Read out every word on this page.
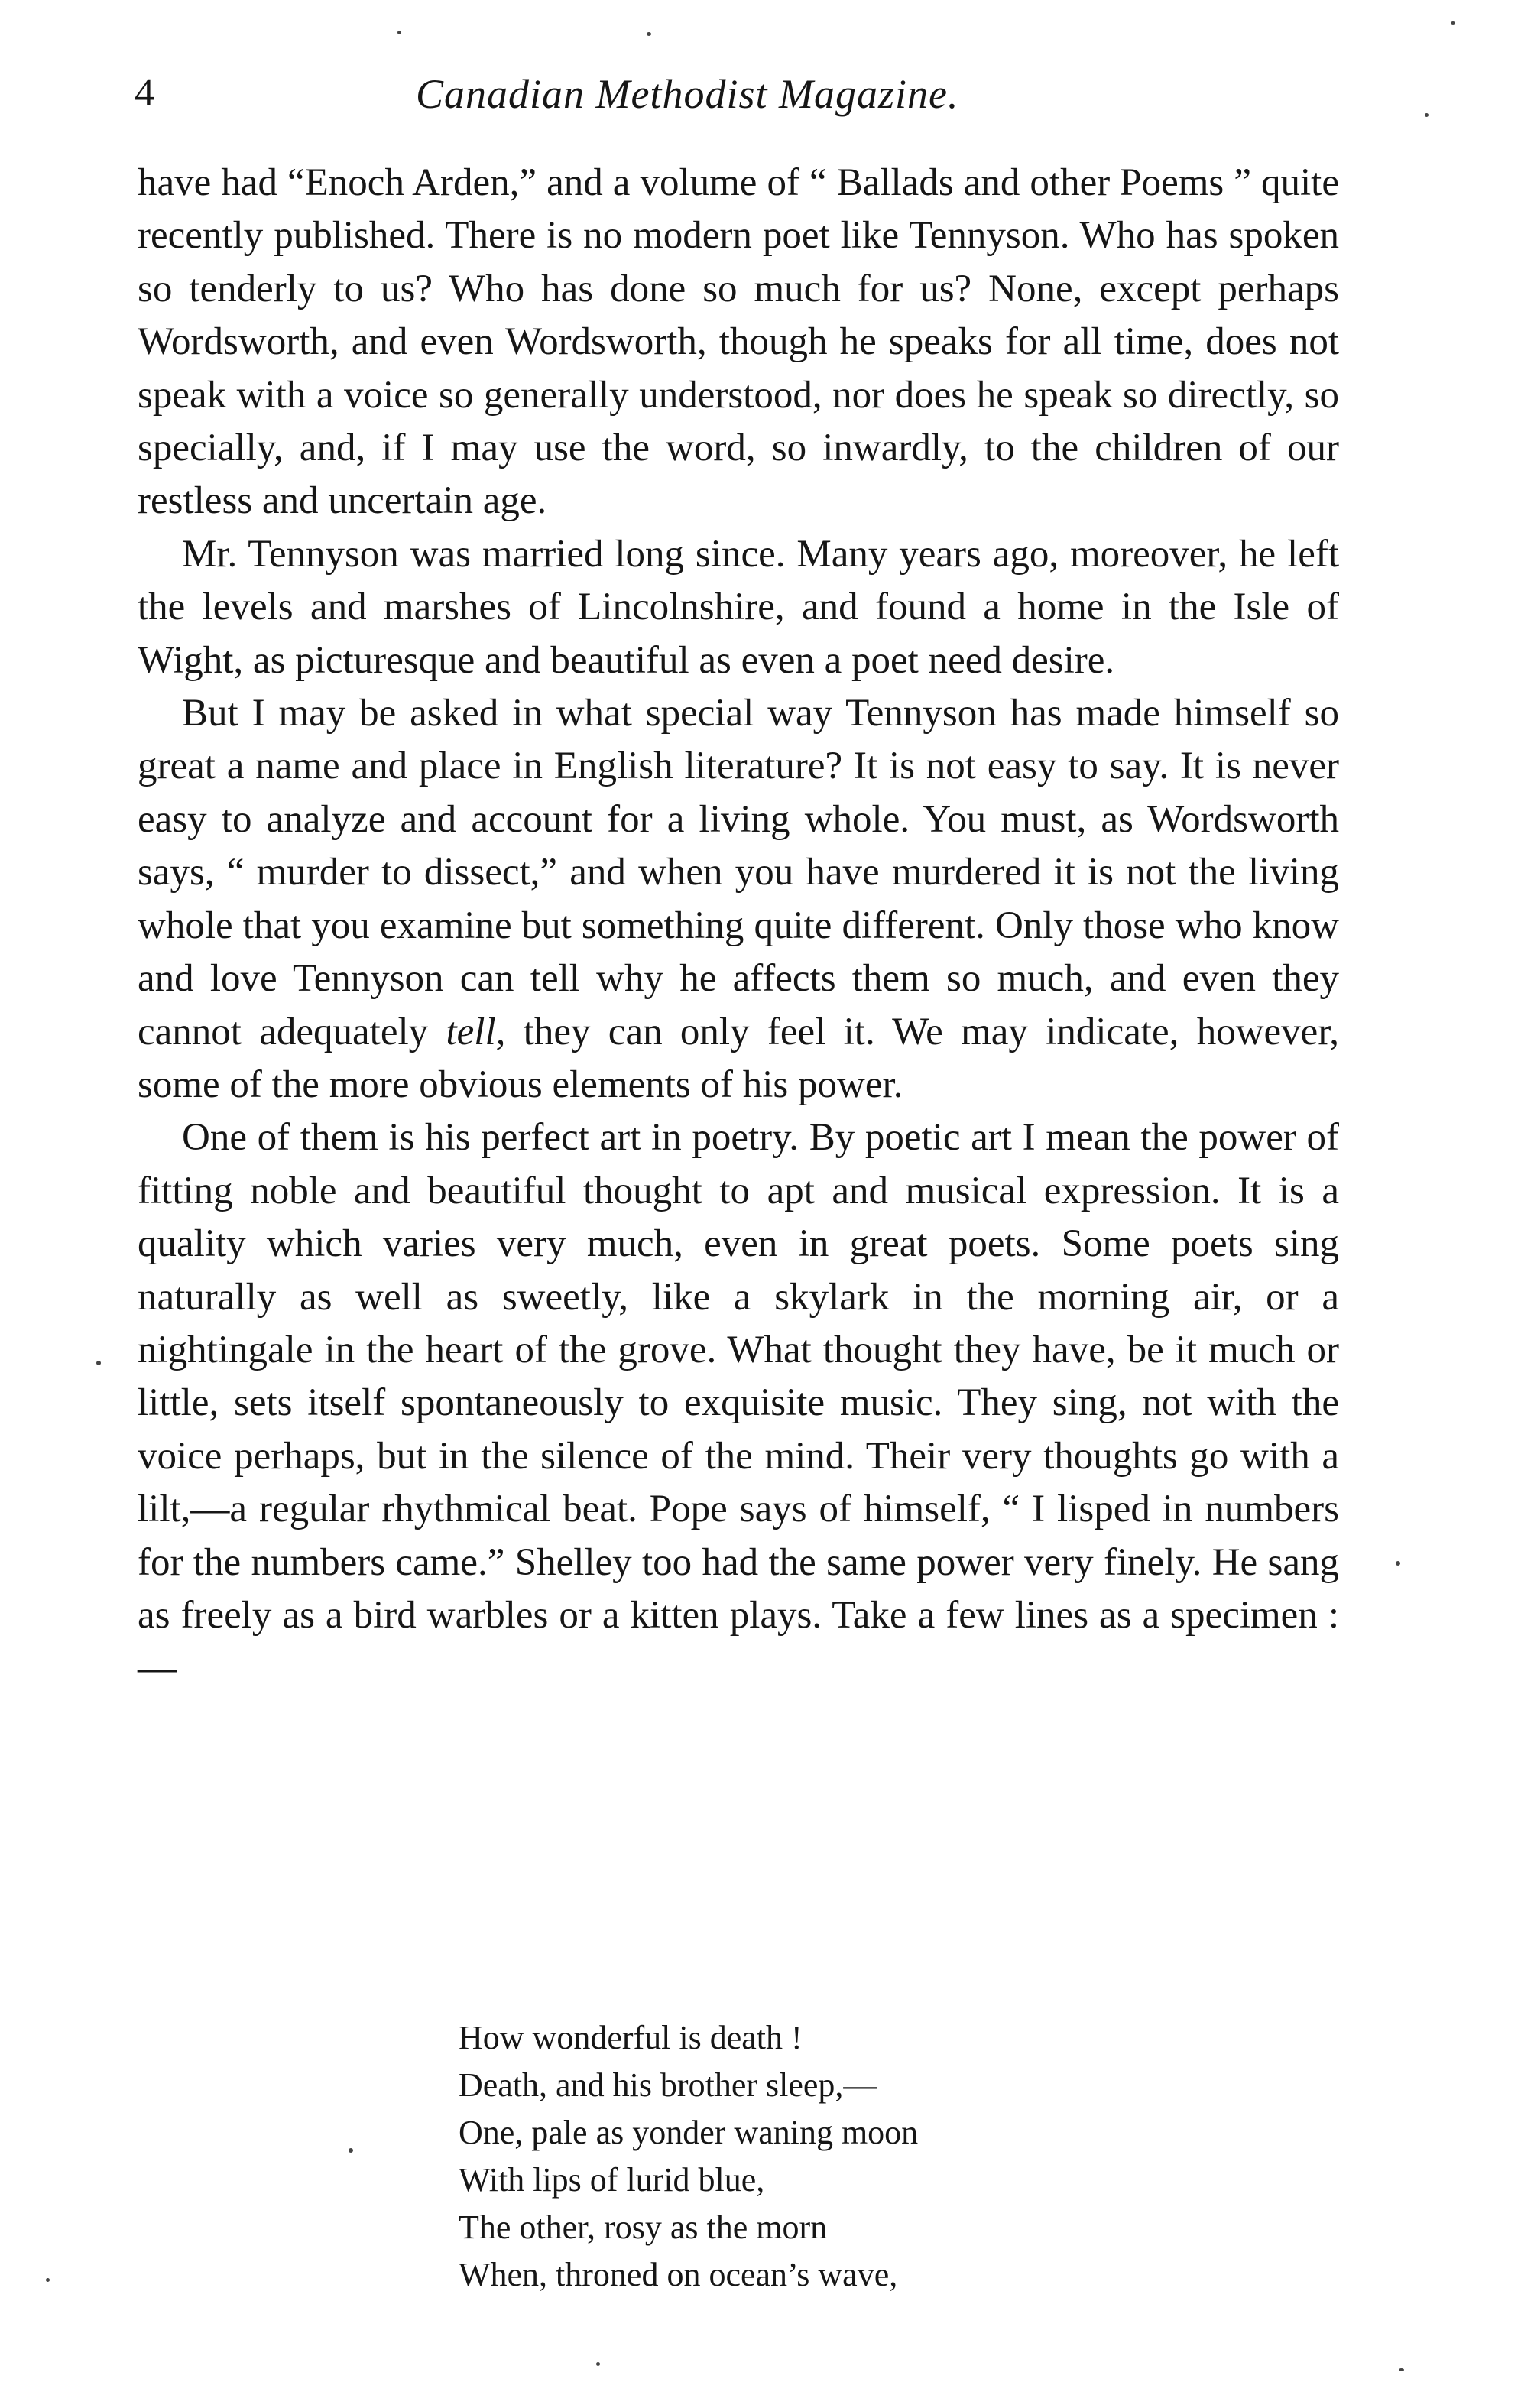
4	Canadian Methodist Magazine.

have had “Enoch Arden,” and a volume of “ Ballads and other Poems ” quite recently published. There is no modern poet like Tennyson. Who has spoken so tenderly to us? Who has done so much for us? None, except perhaps Wordsworth, and even Wordsworth, though he speaks for all time, does not speak with a voice so generally understood, nor does he speak so directly, so specially, and, if I may use the word, so inwardly, to the children of our restless and uncertain age.

Mr. Tennyson was married long since. Many years ago, moreover, he left the levels and marshes of Lincolnshire, and found a home in the Isle of Wight, as picturesque and beautiful as even a poet need desire.

But I may be asked in what special way Tennyson has made himself so great a name and place in English literature? It is not easy to say. It is never easy to analyze and account for a living whole. You must, as Wordsworth says, “ murder to dissect,” and when you have murdered it is not the living whole that you examine but something quite different. Only those who know and love Tennyson can tell why he affects them so much, and even they cannot adequately tell, they can only feel it. We may indicate, however, some of the more obvious elements of his power.

One of them is his perfect art in poetry. By poetic art I mean the power of fitting noble and beautiful thought to apt and musical expression. It is a quality which varies very much, even in great poets. Some poets sing naturally as well as sweetly, like a skylark in the morning air, or a nightingale in the heart of the grove. What thought they have, be it much or little, sets itself spontaneously to exquisite music. They sing, not with the voice perhaps, but in the silence of the mind. Their very thoughts go with a lilt,—a regular rhythmical beat. Pope says of himself, “ I lisped in numbers for the numbers came.” Shelley too had the same power very finely. He sang as freely as a bird warbles or a kitten plays. Take a few lines as a specimen :—

How wonderful is death !
Death, and his brother sleep,—
One, pale as yonder waning moon
With lips of lurid blue,
The other, rosy as the morn
When, throned on ocean’s wave,
